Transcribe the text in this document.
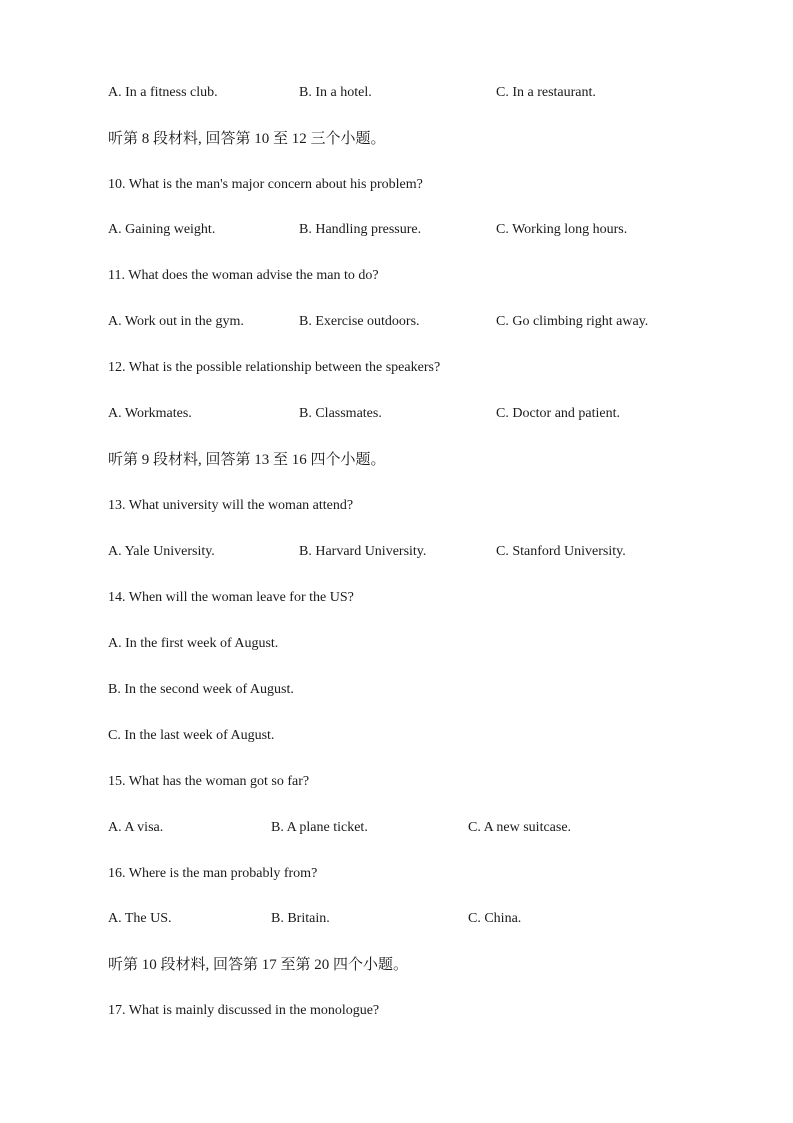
A. In a fitness club.	B. In a hotel.	C. In a restaurant.
听第 8 段材料, 回答第 10 至 12 三个小题。
10. What is the man's major concern about his problem?
A. Gaining weight.	B. Handling pressure.	C. Working long hours.
11. What does the woman advise the man to do?
A. Work out in the gym.	B. Exercise outdoors.	C. Go climbing right away.
12. What is the possible relationship between the speakers?
A. Workmates.	B. Classmates.	C. Doctor and patient.
听第 9 段材料, 回答第 13 至 16 四个小题。
13. What university will the woman attend?
A. Yale University.	B. Harvard University.	C. Stanford University.
14. When will the woman leave for the US?
A. In the first week of August.
B. In the second week of August.
C. In the last week of August.
15. What has the woman got so far?
A. A visa.	B. A plane ticket.	C. A new suitcase.
16. Where is the man probably from?
A. The US.	B. Britain.	C. China.
听第 10 段材料, 回答第 17 至第 20 四个小题。
17. What is mainly discussed in the monologue?
